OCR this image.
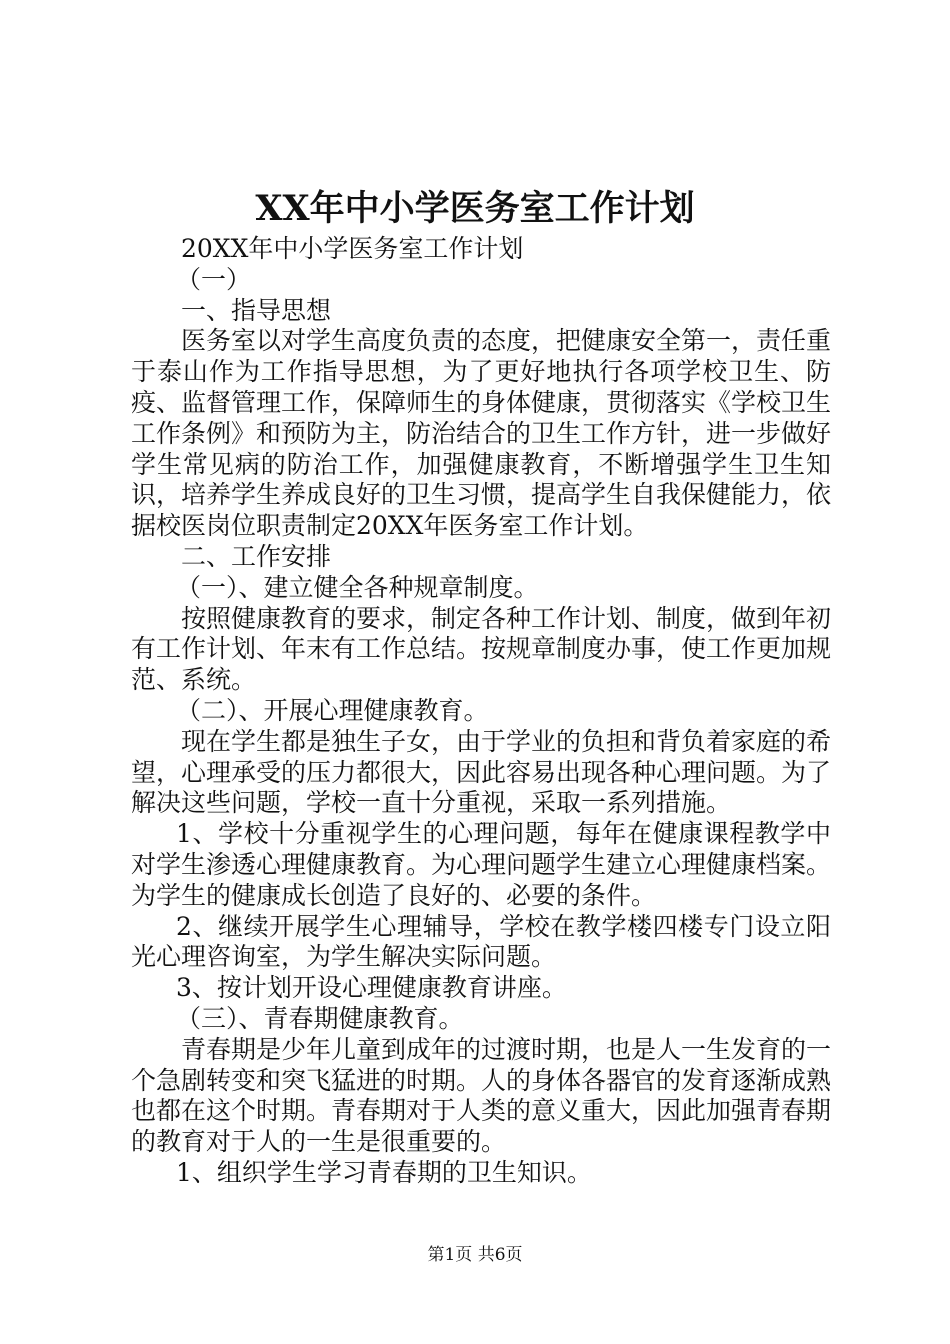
XX年中小学医务室工作计划

20XX年中小学医务室工作计划

（一）

一、指导思想

医务室以对学生高度负责的态度，把健康安全第一，责任重于泰山作为工作指导思想，为了更好地执行各项学校卫生、防疫、监督管理工作，保障师生的身体健康，贯彻落实《学校卫生工作条例》和预防为主，防治结合的卫生工作方针，进一步做好学生常见病的防治工作，加强健康教育，不断增强学生卫生知识，培养学生养成良好的卫生习惯，提高学生自我保健能力，依据校医岗位职责制定20XX年医务室工作计划。

二、工作安排

（一）、建立健全各种规章制度。

按照健康教育的要求，制定各种工作计划、制度，做到年初有工作计划、年末有工作总结。按规章制度办事，使工作更加规范、系统。

（二）、开展心理健康教育。

现在学生都是独生子女，由于学业的负担和背负着家庭的希望，心理承受的压力都很大，因此容易出现各种心理问题。为了解决这些问题，学校一直十分重视，采取一系列措施。

1、学校十分重视学生的心理问题，每年在健康课程教学中对学生渗透心理健康教育。为心理问题学生建立心理健康档案。为学生的健康成长创造了良好的、必要的条件。

2、继续开展学生心理辅导，学校在教学楼四楼专门设立阳光心理咨询室，为学生解决实际问题。

3、按计划开设心理健康教育讲座。

（三）、青春期健康教育。

青春期是少年儿童到成年的过渡时期，也是人一生发育的一个急剧转变和突飞猛进的时期。人的身体各器官的发育逐渐成熟也都在这个时期。青春期对于人类的意义重大，因此加强青春期的教育对于人的一生是很重要的。

1、组织学生学习青春期的卫生知识。

第1页 共6页
